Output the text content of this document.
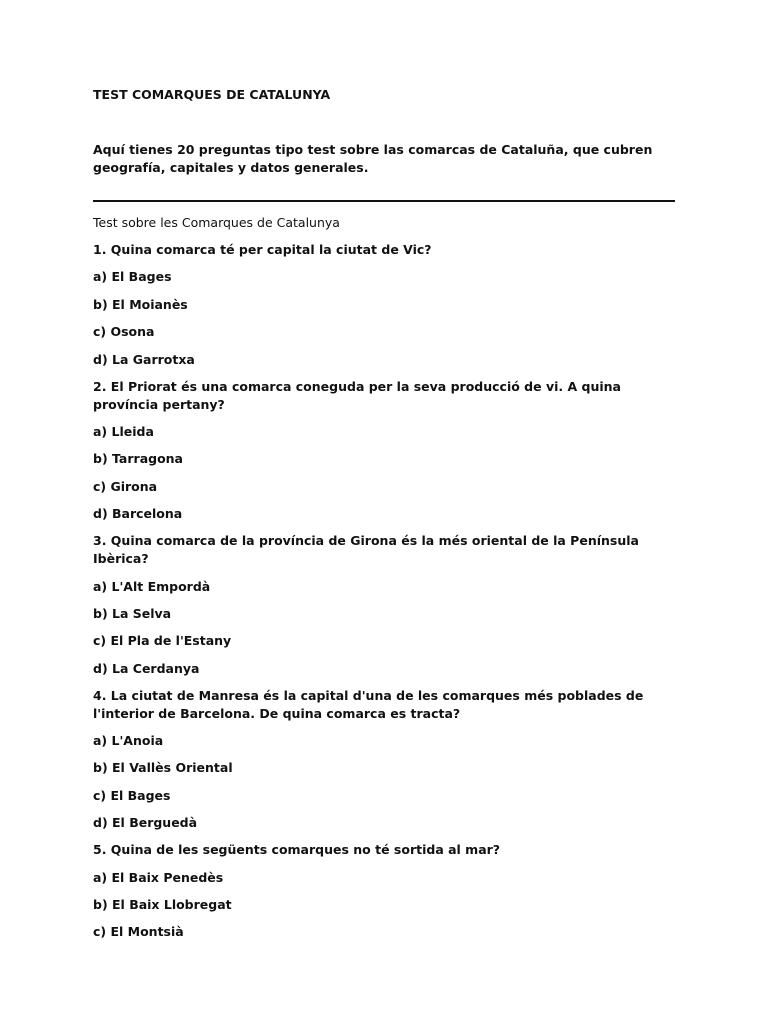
TEST COMARQUES DE CATALUNYA

Aquí tienes 20 preguntas tipo test sobre las comarcas de Cataluña, que cubren geografía, capitales y datos generales.

Test sobre les Comarques de Catalunya

1. Quina comarca té per capital la ciutat de Vic?

a) El Bages

b) El Moianès

c) Osona

d) La Garrotxa

2. El Priorat és una comarca coneguda per la seva producció de vi. A quina província pertany?

a) Lleida

b) Tarragona

c) Girona

d) Barcelona

3. Quina comarca de la província de Girona és la més oriental de la Península Ibèrica?

a) L'Alt Empordà

b) La Selva

c) El Pla de l'Estany

d) La Cerdanya

4. La ciutat de Manresa és la capital d'una de les comarques més poblades de l'interior de Barcelona. De quina comarca es tracta?

a) L'Anoia

b) El Vallès Oriental

c) El Bages

d) El Berguedà

5. Quina de les següents comarques no té sortida al mar?

a) El Baix Penedès

b) El Baix Llobregat

c) El Montsià
